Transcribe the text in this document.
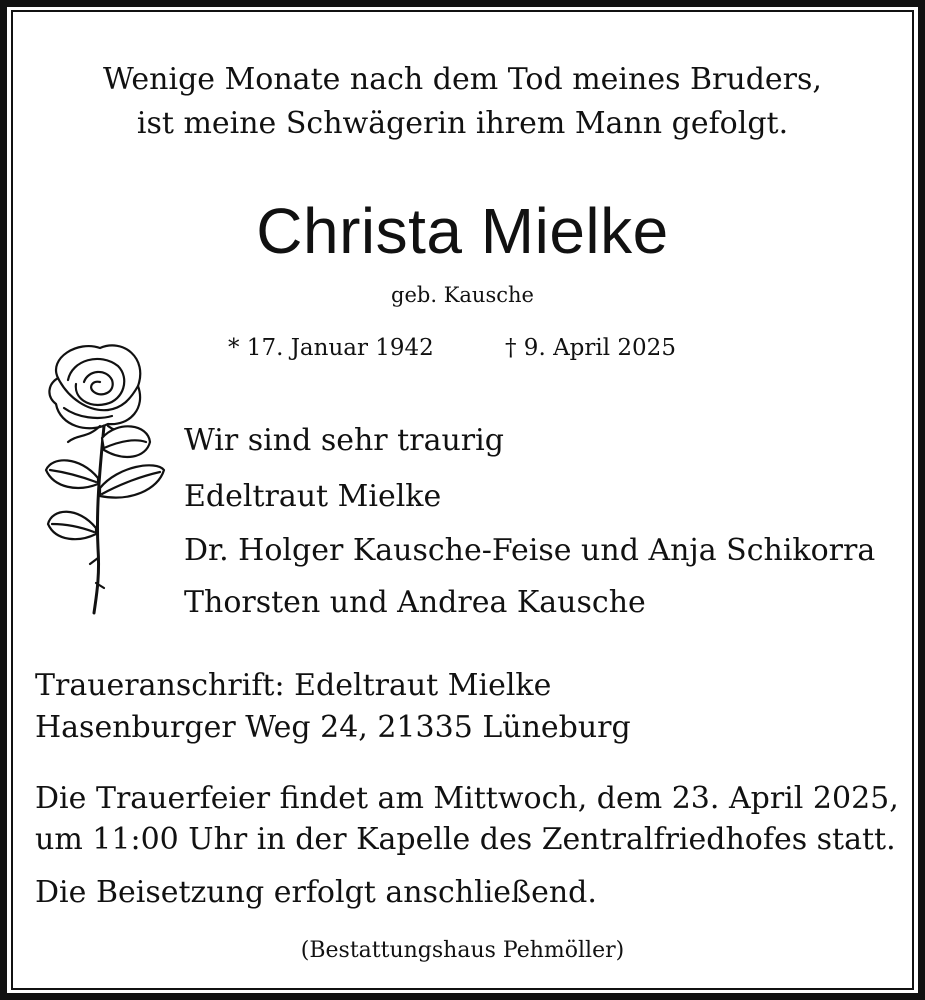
Wenige Monate nach dem Tod meines Bruders,
ist meine Schwägerin ihrem Mann gefolgt.
Christa Mielke
geb. Kausche
* 17. Januar 1942	† 9. April 2025
Wir sind sehr traurig
Edeltraut Mielke
Dr. Holger Kausche-Feise und Anja Schikorra
Thorsten und Andrea Kausche
Traueranschrift: Edeltraut Mielke
Hasenburger Weg 24, 21335 Lüneburg
Die Trauerfeier findet am Mittwoch, dem 23. April 2025,
um 11:00 Uhr in der Kapelle des Zentralfriedhofes statt.
Die Beisetzung erfolgt anschließend.
(Bestattungshaus Pehmöller)
